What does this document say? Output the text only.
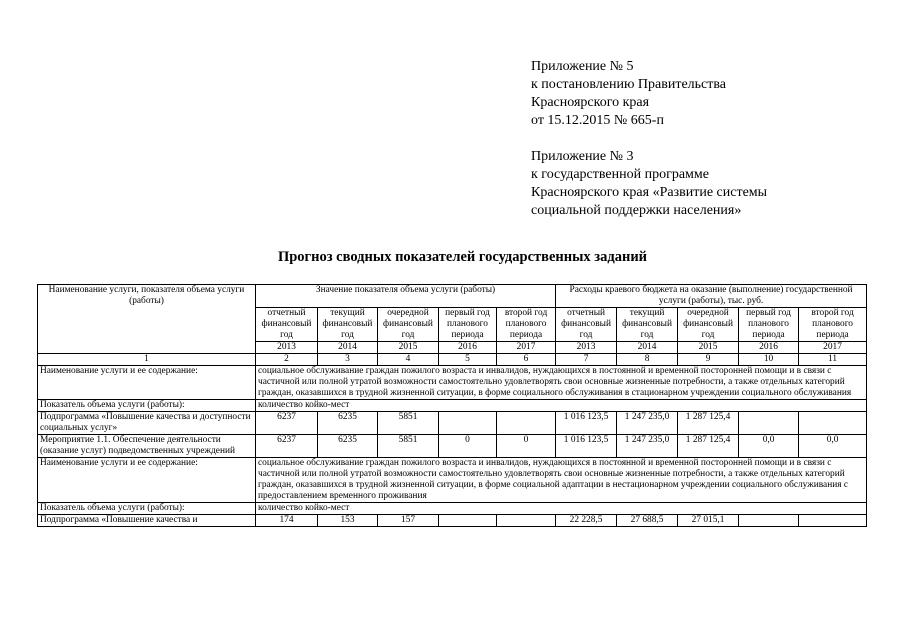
Приложение № 5
к постановлению Правительства
Красноярского края
от 15.12.2015 № 665-п
Приложение № 3
к государственной программе
Красноярского края «Развитие системы
социальной поддержки населения»
Прогноз сводных показателей государственных заданий
Наименование услуги, показателя объема услуги (работы)	Значение показателя объема услуги (работы)					Расходы краевого бюджета на оказание (выполнение) государственной услуги (работы), тыс. руб.				
	отчетный финансовый год	текущий финансовый год	очередной финансовый год	первый год планового периода	второй год планового периода	отчетный финансовый год	текущий финансовый год	очередной финансовый год	первый год планового периода	второй год планового периода
	2013	2014	2015	2016	2017	2013	2014	2015	2016	2017
1	2	3	4	5	6	7	8	9	10	11
Наименование услуги и ее содержание:	социальное обслуживание граждан пожилого возраста и инвалидов, нуждающихся в постоянной и временной посторонней помощи и в связи с частичной или полной утратой возможности самостоятельно удовлетворять свои основные жизненные потребности, а также отдельных категорий граждан, оказавшихся в трудной жизненной ситуации, в форме социального обслуживания в стационарном учреждении социального обслуживания									
Показатель объема услуги (работы):	количество койко-мест									
Подпрограмма «Повышение качества и доступности социальных услуг»	6237	6235	5851			1 016 123,5	1 247 235,0	1 287 125,4		
Мероприятие 1.1. Обеспечение деятельности (оказание услуг) подведомственных учреждений	6237	6235	5851	0	0	1 016 123,5	1 247 235,0	1 287 125,4	0,0	0,0
Наименование услуги и ее содержание:	социальное обслуживание граждан пожилого возраста и инвалидов, нуждающихся в постоянной и временной посторонней помощи и в связи с частичной или полной утратой возможности самостоятельно удовлетворять свои основные жизненные потребности, а также отдельных категорий граждан, оказавшихся в трудной жизненной ситуации, в форме социальной адаптации в нестационарном учреждении социального обслуживания с предоставлением временного проживания									
Показатель объема услуги (работы):	количество койко-мест									
Подпрограмма «Повышение качества и	174	153	157			22 228,5	27 688,5	27 015,1		
